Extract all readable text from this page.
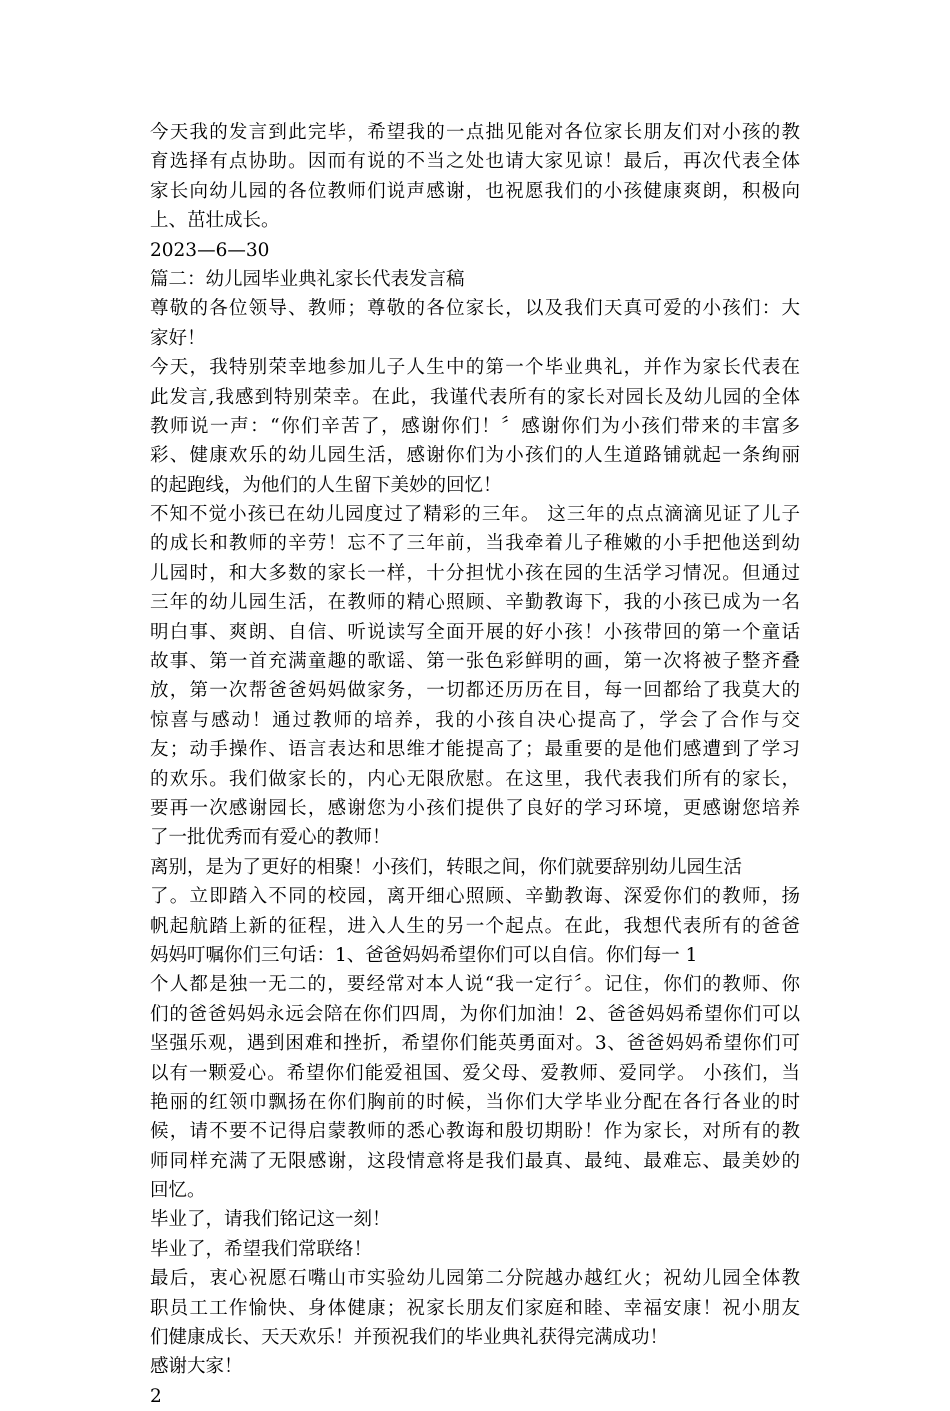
今天我的发言到此完毕，希望我的一点拙见能对各位家长朋友们对小孩的教
育选择有点协助。因而有说的不当之处也请大家见谅！最后，再次代表全体
家长向幼儿园的各位教师们说声感谢，也祝愿我们的小孩健康爽朗，积极向
上、茁壮成长。
2023—6—30
篇二：幼儿园毕业典礼家长代表发言稿
尊敬的各位领导、教师；尊敬的各位家长，以及我们天真可爱的小孩们：大
家好！
今天，我特别荣幸地参加儿子人生中的第一个毕业典礼，并作为家长代表在
此发言,我感到特别荣幸。在此，我谨代表所有的家长对园长及幼儿园的全体
教师说一声：“你们辛苦了，感谢你们！〞感谢你们为小孩们带来的丰富多
彩、健康欢乐的幼儿园生活，感谢你们为小孩们的人生道路铺就起一条绚丽
的起跑线，为他们的人生留下美妙的回忆！
不知不觉小孩已在幼儿园度过了精彩的三年。 这三年的点点滴滴见证了儿子
的成长和教师的辛劳！忘不了三年前，当我牵着儿子稚嫩的小手把他送到幼
儿园时，和大多数的家长一样，十分担忧小孩在园的生活学习情况。但通过
三年的幼儿园生活，在教师的精心照顾、辛勤教诲下，我的小孩已成为一名
明白事、爽朗、自信、听说读写全面开展的好小孩！小孩带回的第一个童话
故事、第一首充满童趣的歌谣、第一张色彩鲜明的画，第一次将被子整齐叠
放，第一次帮爸爸妈妈做家务，一切都还历历在目，每一回都给了我莫大的
惊喜与感动！通过教师的培养，我的小孩自决心提高了，学会了合作与交
友；动手操作、语言表达和思维才能提高了；最重要的是他们感遭到了学习
的欢乐。我们做家长的，内心无限欣慰。在这里，我代表我们所有的家长，
要再一次感谢园长，感谢您为小孩们提供了良好的学习环境，更感谢您培养
了一批优秀而有爱心的教师！
离别，是为了更好的相聚！小孩们，转眼之间，你们就要辞别幼儿园生活
了。立即踏入不同的校园，离开细心照顾、辛勤教诲、深爱你们的教师，扬
帆起航踏上新的征程，进入人生的另一个起点。在此，我想代表所有的爸爸
妈妈叮嘱你们三句话：1、爸爸妈妈希望你们可以自信。你们每一 1
个人都是独一无二的，要经常对本人说“我一定行〞。记住，你们的教师、你
们的爸爸妈妈永远会陪在你们四周，为你们加油！2、爸爸妈妈希望你们可以
坚强乐观，遇到困难和挫折，希望你们能英勇面对。3、爸爸妈妈希望你们可
以有一颗爱心。希望你们能爱祖国、爱父母、爱教师、爱同学。 小孩们，当
艳丽的红领巾飘扬在你们胸前的时候，当你们大学毕业分配在各行各业的时
候，请不要不记得启蒙教师的悉心教诲和殷切期盼！作为家长，对所有的教
师同样充满了无限感谢，这段情意将是我们最真、最纯、最难忘、最美妙的
回忆。
毕业了，请我们铭记这一刻！
毕业了，希望我们常联络！
最后，衷心祝愿石嘴山市实验幼儿园第二分院越办越红火；祝幼儿园全体教
职员工工作愉快、身体健康；祝家长朋友们家庭和睦、幸福安康！祝小朋友
们健康成长、天天欢乐！并预祝我们的毕业典礼获得完满成功！
感谢大家！
2
